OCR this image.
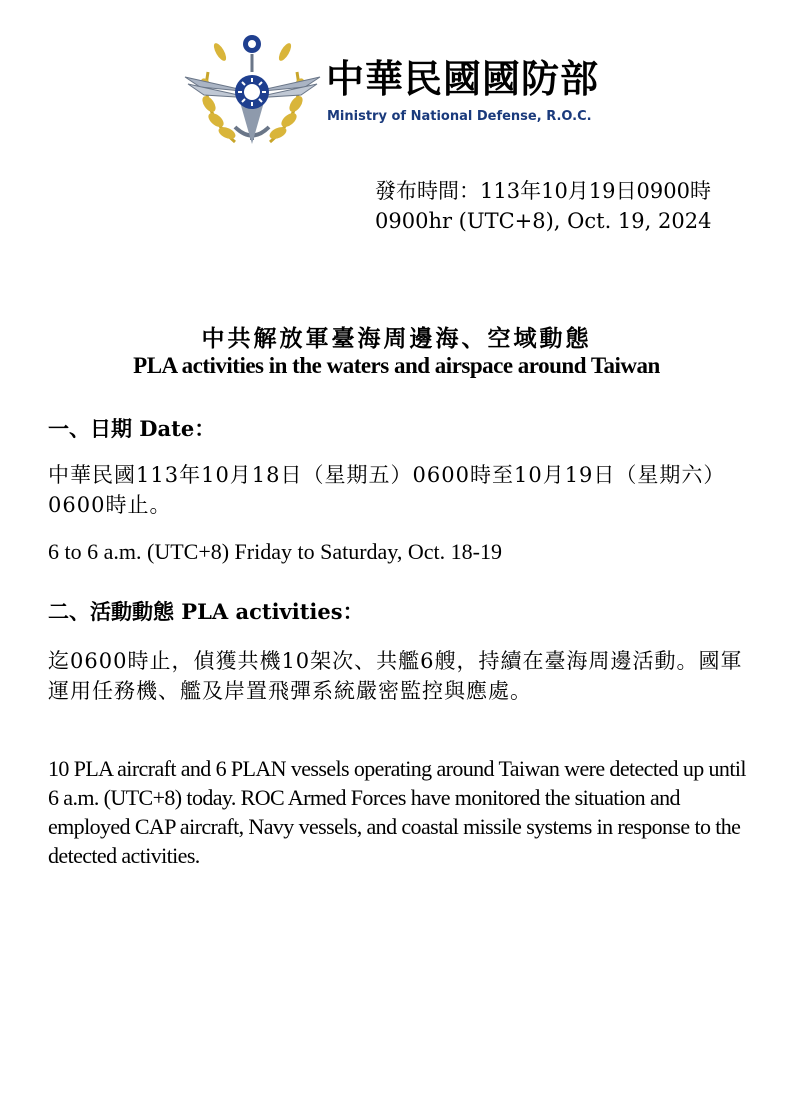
中華民國國防部
Ministry of National Defense, R.O.C.
發布時間：113年10月19日0900時
0900hr (UTC+8), Oct. 19, 2024
中共解放軍臺海周邊海、空域動態
PLA activities in the waters and airspace around Taiwan
一、日期 Date：
中華民國113年10月18日（星期五）0600時至10月19日（星期六）0600時止。
6 to 6 a.m. (UTC+8) Friday to Saturday, Oct. 18-19
二、活動動態 PLA activities：
迄0600時止，偵獲共機10架次、共艦6艘，持續在臺海周邊活動。國軍運用任務機、艦及岸置飛彈系統嚴密監控與應處。
10 PLA aircraft and 6 PLAN vessels operating around Taiwan were detected up until 6 a.m. (UTC+8) today. ROC Armed Forces have monitored the situation and employed CAP aircraft, Navy vessels, and coastal missile systems in response to the detected activities.
